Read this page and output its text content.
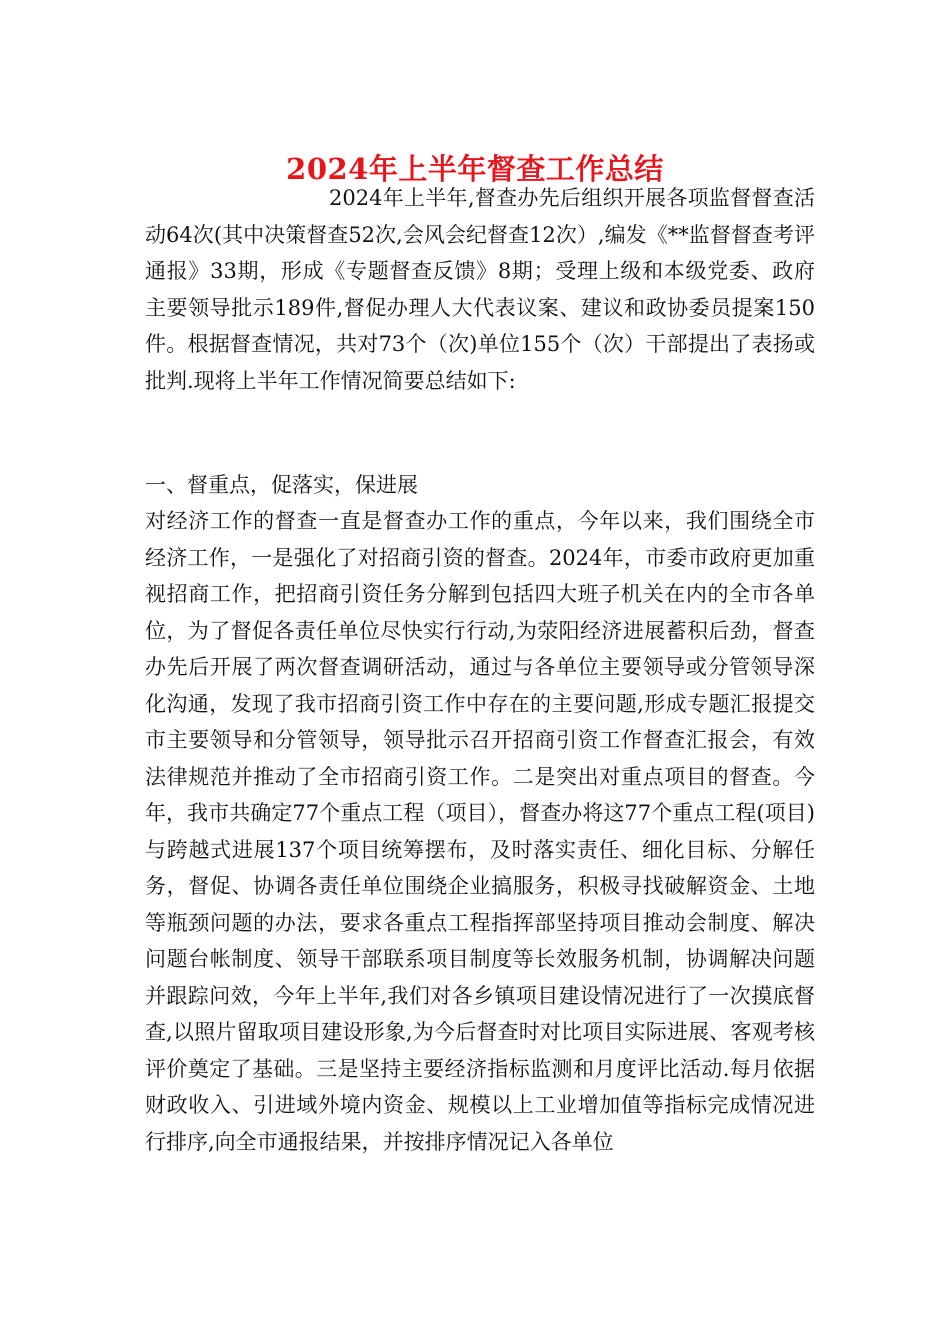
2024年上半年督查工作总结

2024年上半年,督查办先后组织开展各项监督督查活动64次(其中决策督查52次,会风会纪督查12次）,编发《**监督督查考评通报》33期，形成《专题督查反馈》8期；受理上级和本级党委、政府主要领导批示189件,督促办理人大代表议案、建议和政协委员提案150件。根据督查情况，共对73个（次)单位155个（次）干部提出了表扬或批判.现将上半年工作情况简要总结如下:

一、督重点，促落实，保进展

对经济工作的督查一直是督查办工作的重点，今年以来，我们围绕全市经济工作，一是强化了对招商引资的督查。2024年，市委市政府更加重视招商工作，把招商引资任务分解到包括四大班子机关在内的全市各单位，为了督促各责任单位尽快实行行动,为荥阳经济进展蓄积后劲，督查办先后开展了两次督查调研活动，通过与各单位主要领导或分管领导深化沟通，发现了我市招商引资工作中存在的主要问题,形成专题汇报提交市主要领导和分管领导，领导批示召开招商引资工作督查汇报会，有效法律规范并推动了全市招商引资工作。二是突出对重点项目的督查。今年，我市共确定77个重点工程（项目），督查办将这77个重点工程(项目)与跨越式进展137个项目统筹摆布，及时落实责任、细化目标、分解任务，督促、协调各责任单位围绕企业搞服务，积极寻找破解资金、土地等瓶颈问题的办法，要求各重点工程指挥部坚持项目推动会制度、解决问题台帐制度、领导干部联系项目制度等长效服务机制，协调解决问题并跟踪问效，今年上半年,我们对各乡镇项目建设情况进行了一次摸底督查,以照片留取项目建设形象,为今后督查时对比项目实际进展、客观考核评价奠定了基础。三是坚持主要经济指标监测和月度评比活动.每月依据财政收入、引进域外境内资金、规模以上工业增加值等指标完成情况进行排序,向全市通报结果，并按排序情况记入各单位
